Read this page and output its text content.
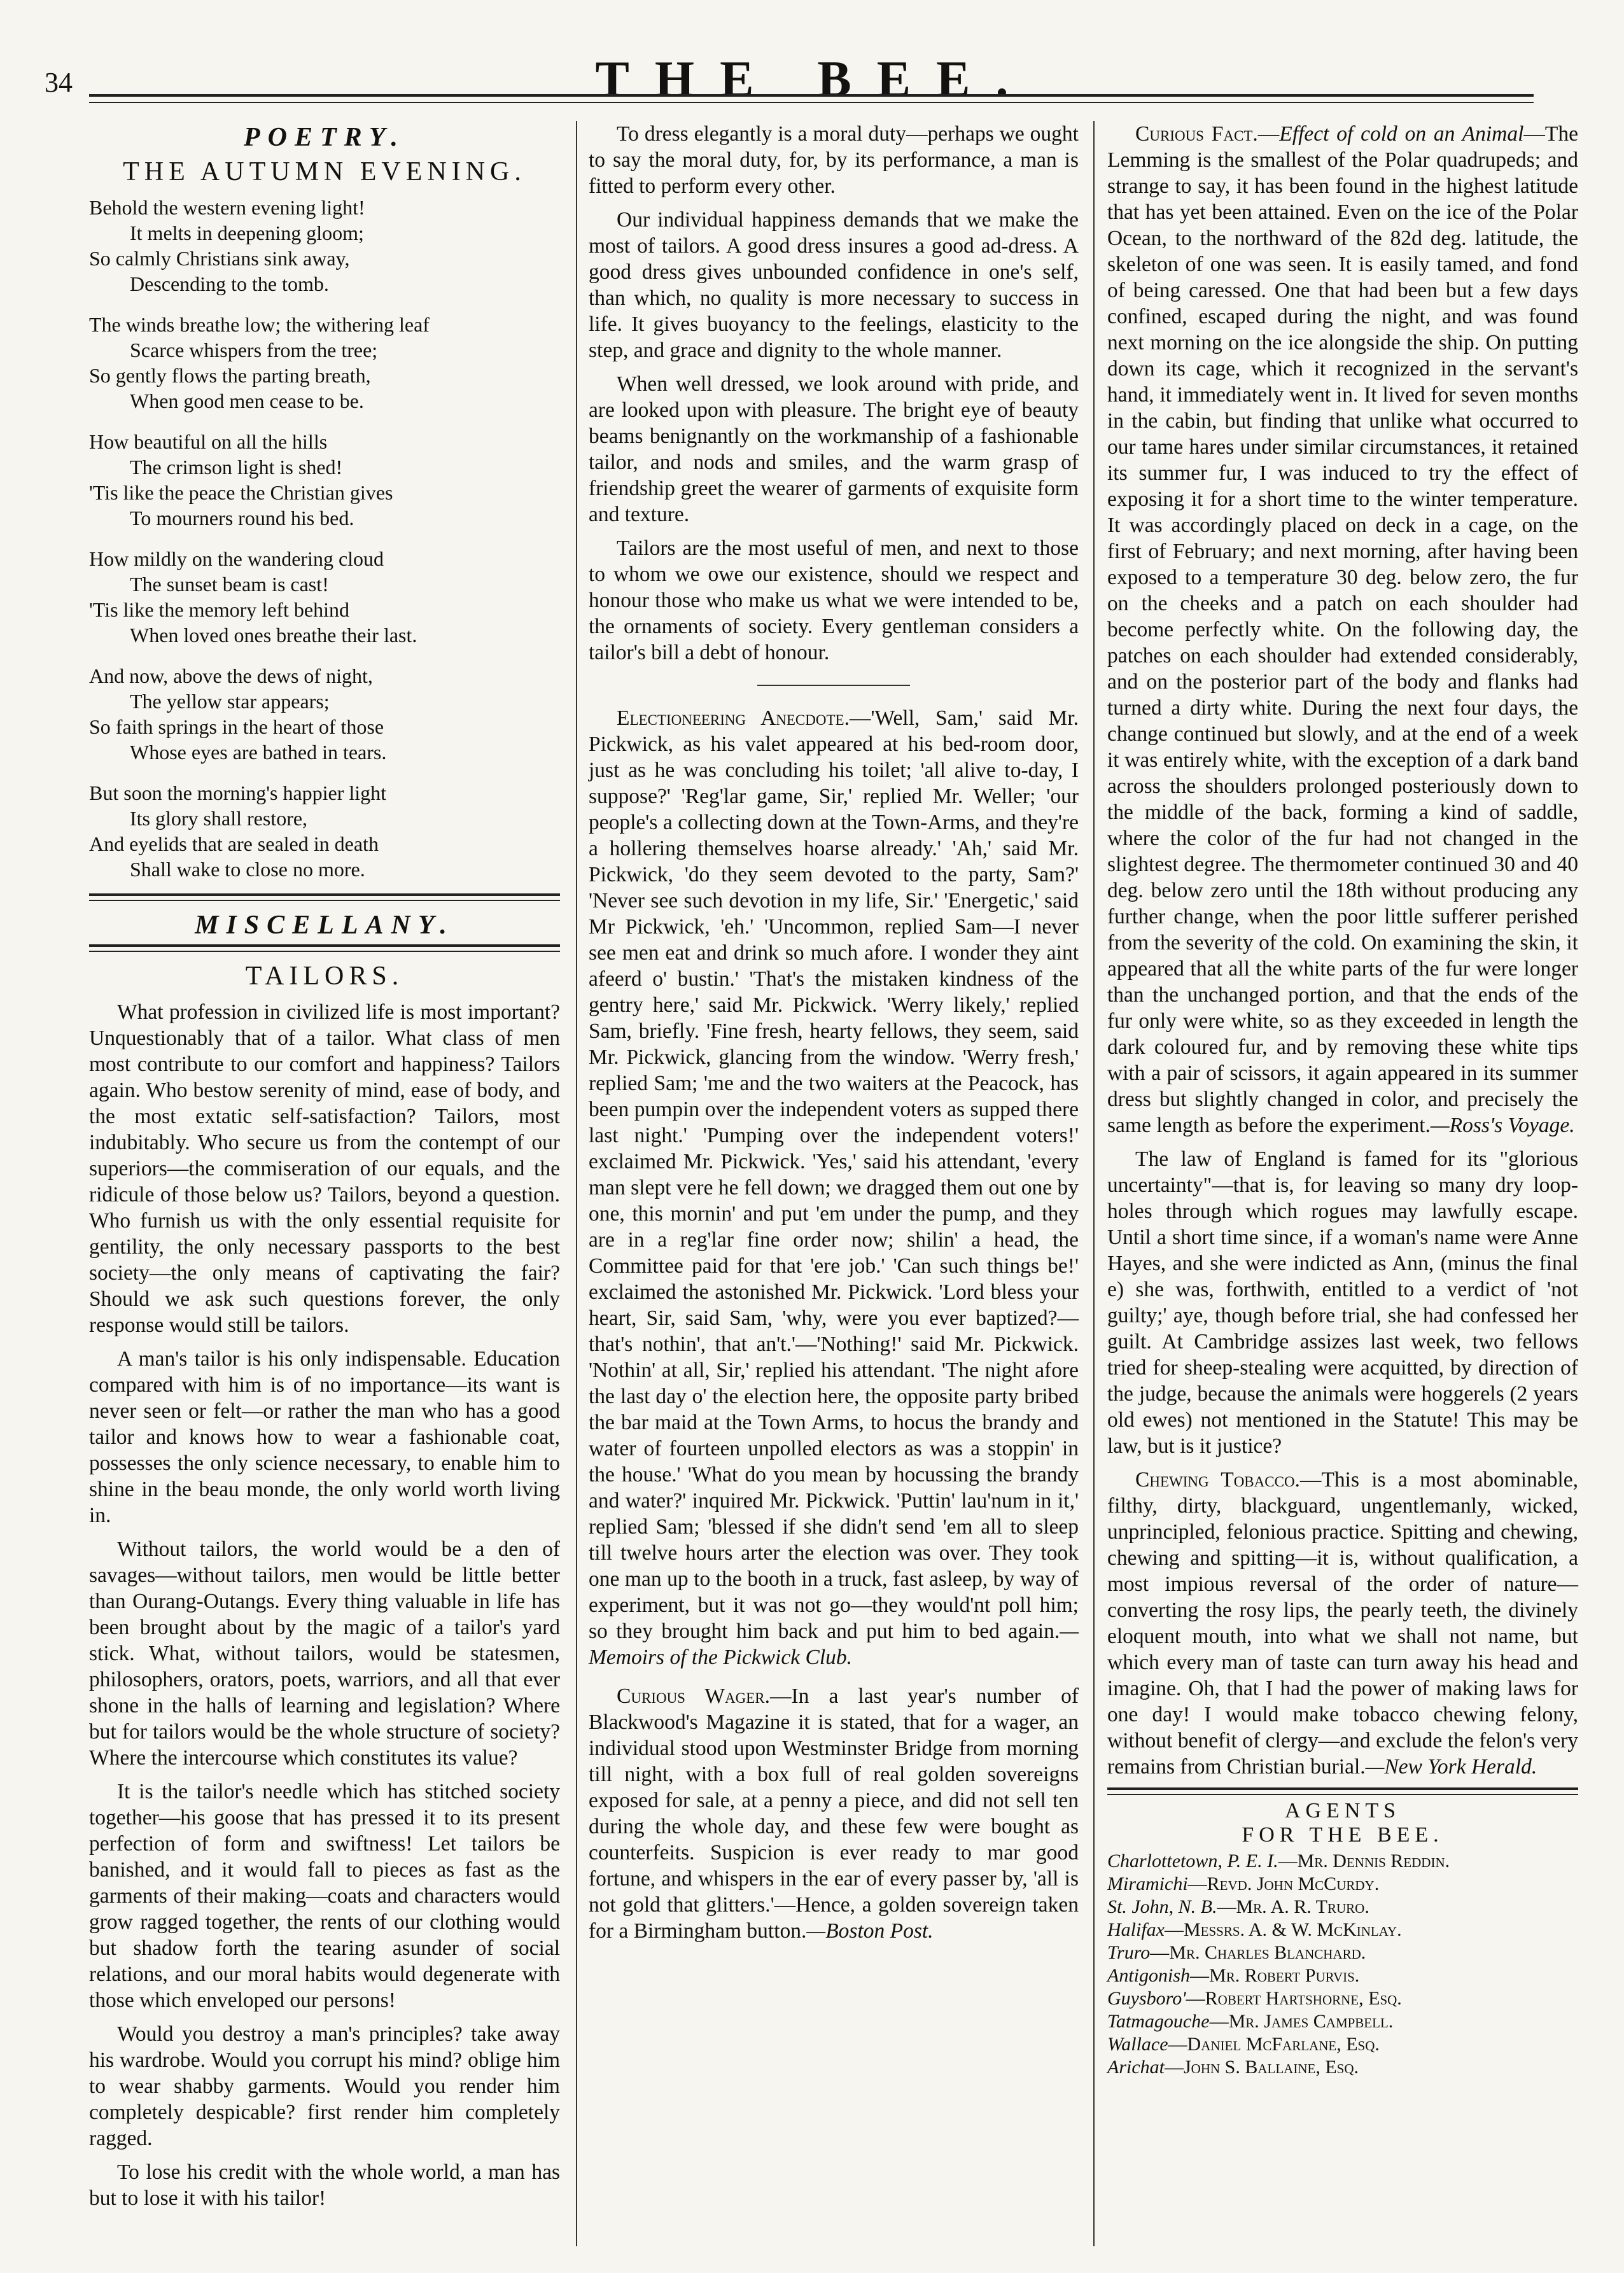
34	THE BEE.
POETRY.
THE AUTUMN EVENING.
Behold the western evening light!
It melts in deepening gloom;
So calmly Christians sink away,
Descending to the tomb.
The winds breathe low; the withering leaf
Scarce whispers from the tree;
So gently flows the parting breath,
When good men cease to be.
How beautiful on all the hills
The crimson light is shed!
'Tis like the peace the Christian gives
To mourners round his bed.
How mildly on the wandering cloud
The sunset beam is cast!
'Tis like the memory left behind
When loved ones breathe their last.
And now, above the dews of night,
The yellow star appears;
So faith springs in the heart of those
Whose eyes are bathed in tears.
But soon the morning's happier light
Its glory shall restore,
And eyelids that are sealed in death
Shall wake to close no more.
MISCELLANY.
TAILORS.

What profession in civilized life is most important? Unquestionably that of a tailor. What class of men most contribute to our comfort and happiness? Tailors again. Who bestow serenity of mind, ease of body, and the most extatic self-satisfaction? Tailors, most indubitably. Who secure us from the contempt of our superiors—the commiseration of our equals, and the ridicule of those below us? Tailors, beyond a question. Who furnish us with the only essential requisite for gentility, the only necessary passports to the best society—the only means of captivating the fair? Should we ask such questions forever, the only response would still be tailors.

A man's tailor is his only indispensable. Education compared with him is of no importance—its want is never seen or felt—or rather the man who has a good tailor and knows how to wear a fashionable coat, possesses the only science necessary, to enable him to shine in the beau monde, the only world worth living in.

Without tailors, the world would be a den of savages—without tailors, men would be little better than Ourang-Outangs. Every thing valuable in life has been brought about by the magic of a tailor's yard stick. What, without tailors, would be statesmen, philosophers, orators, poets, warriors, and all that ever shone in the halls of learning and legislation? Where but for tailors would be the whole structure of society? Where the intercourse which constitutes its value?

It is the tailor's needle which has stitched society together—his goose that has pressed it to its present perfection of form and swiftness! Let tailors be banished, and it would fall to pieces as fast as the garments of their making—coats and characters would grow ragged together, the rents of our clothing would but shadow forth the tearing asunder of social relations, and our moral habits would degenerate with those which enveloped our persons!

Would you destroy a man's principles? take away his wardrobe. Would you corrupt his mind? oblige him to wear shabby garments. Would you render him completely despicable? first render him completely ragged.

To lose his credit with the whole world, a man has but to lose it with his tailor!

To dress elegantly is a moral duty—perhaps we ought to say the moral duty, for, by its performance, a man is fitted to perform every other.

Our individual happiness demands that we make the most of tailors. A good dress insures a good ad-dress. A good dress gives unbounded confidence in one's self, than which, no quality is more necessary to success in life. It gives buoyancy to the feelings, elasticity to the step, and grace and dignity to the whole manner.

When well dressed, we look around with pride, and are looked upon with pleasure. The bright eye of beauty beams benignantly on the workmanship of a fashionable tailor, and nods and smiles, and the warm grasp of friendship greet the wearer of garments of exquisite form and texture.

Tailors are the most useful of men, and next to those to whom we owe our existence, should we respect and honour those who make us what we were intended to be, the ornaments of society. Every gentleman considers a tailor's bill a debt of honour.

Electioneering Anecdote.—'Well, Sam,' said Mr. Pickwick, as his valet appeared at his bed-room door, just as he was concluding his toilet; 'all alive to-day, I suppose?' 'Reg'lar game, Sir,' replied Mr. Weller; 'our people's a collecting down at the Town-Arms, and they're a hollering themselves hoarse already.' 'Ah,' said Mr. Pickwick, 'do they seem devoted to the party, Sam?' 'Never see such devotion in my life, Sir.' 'Energetic,' said Mr Pickwick, 'eh.' 'Uncommon, replied Sam—I never see men eat and drink so much afore. I wonder they aint afeerd o' bustin.' 'That's the mistaken kindness of the gentry here,' said Mr. Pickwick. 'Werry likely,' replied Sam, briefly. 'Fine fresh, hearty fellows, they seem, said Mr. Pickwick, glancing from the window. 'Werry fresh,' replied Sam; 'me and the two waiters at the Peacock, has been pumpin over the independent voters as supped there last night.' 'Pumping over the independent voters!' exclaimed Mr. Pickwick. 'Yes,' said his attendant, 'every man slept vere he fell down; we dragged them out one by one, this mornin' and put 'em under the pump, and they are in a reg'lar fine order now; shilin' a head, the Committee paid for that 'ere job.' 'Can such things be!' exclaimed the astonished Mr. Pickwick. 'Lord bless your heart, Sir, said Sam, 'why, were you ever baptized?—that's nothin', that an't.'—'Nothing!' said Mr. Pickwick. 'Nothin' at all, Sir,' replied his attendant. 'The night afore the last day o' the election here, the opposite party bribed the bar maid at the Town Arms, to hocus the brandy and water of fourteen unpolled electors as was a stoppin' in the house.' 'What do you mean by hocussing the brandy and water?' inquired Mr. Pickwick. 'Puttin' lau'num in it,' replied Sam; 'blessed if she didn't send 'em all to sleep till twelve hours arter the election was over. They took one man up to the booth in a truck, fast asleep, by way of experiment, but it was not go—they would'nt poll him; so they brought him back and put him to bed again.—Memoirs of the Pickwick Club.

Curious Wager.—In a last year's number of Blackwood's Magazine it is stated, that for a wager, an individual stood upon Westminster Bridge from morning till night, with a box full of real golden sovereigns exposed for sale, at a penny a piece, and did not sell ten during the whole day, and these few were bought as counterfeits. Suspicion is ever ready to mar good fortune, and whispers in the ear of every passer by, 'all is not gold that glitters.'—Hence, a golden sovereign taken for a Birmingham button.—Boston Post.

Curious Fact.—Effect of cold on an Animal—The Lemming is the smallest of the Polar quadrupeds; and strange to say, it has been found in the highest latitude that has yet been attained. Even on the ice of the Polar Ocean, to the northward of the 82d deg. latitude, the skeleton of one was seen. It is easily tamed, and fond of being caressed. One that had been but a few days confined, escaped during the night, and was found next morning on the ice alongside the ship. On putting down its cage, which it recognized in the servant's hand, it immediately went in. It lived for seven months in the cabin, but finding that unlike what occurred to our tame hares under similar circumstances, it retained its summer fur, I was induced to try the effect of exposing it for a short time to the winter temperature. It was accordingly placed on deck in a cage, on the first of February; and next morning, after having been exposed to a temperature 30 deg. below zero, the fur on the cheeks and a patch on each shoulder had become perfectly white. On the following day, the patches on each shoulder had extended considerably, and on the posterior part of the body and flanks had turned a dirty white. During the next four days, the change continued but slowly, and at the end of a week it was entirely white, with the exception of a dark band across the shoulders prolonged posteriously down to the middle of the back, forming a kind of saddle, where the color of the fur had not changed in the slightest degree. The thermometer continued 30 and 40 deg. below zero until the 18th without producing any further change, when the poor little sufferer perished from the severity of the cold. On examining the skin, it appeared that all the white parts of the fur were longer than the unchanged portion, and that the ends of the fur only were white, so as they exceeded in length the dark coloured fur, and by removing these white tips with a pair of scissors, it again appeared in its summer dress but slightly changed in color, and precisely the same length as before the experiment.—Ross's Voyage.

The law of England is famed for its "glorious uncertainty"—that is, for leaving so many dry loop-holes through which rogues may lawfully escape. Until a short time since, if a woman's name were Anne Hayes, and she were indicted as Ann, (minus the final e) she was, forthwith, entitled to a verdict of 'not guilty;' aye, though before trial, she had confessed her guilt. At Cambridge assizes last week, two fellows tried for sheep-stealing were acquitted, by direction of the judge, because the animals were hoggerels (2 years old ewes) not mentioned in the Statute! This may be law, but is it justice?

Chewing Tobacco.—This is a most abominable, filthy, dirty, blackguard, ungentlemanly, wicked, unprincipled, felonious practice. Spitting and chewing, chewing and spitting—it is, without qualification, a most impious reversal of the order of nature—converting the rosy lips, the pearly teeth, the divinely eloquent mouth, into what we shall not name, but which every man of taste can turn away his head and imagine. Oh, that I had the power of making laws for one day! I would make tobacco chewing felony, without benefit of clergy—and exclude the felon's very remains from Christian burial.—New York Herald.

AGENTS
FOR THE BEE.
Charlottetown, P. E. I.—Mr. Dennis Reddin.
Miramichi—Revd. John McCurdy.
St. John, N. B.—Mr. A. R. Truro.
Halifax—Messrs. A. & W. McKinlay.
Truro—Mr. Charles Blanchard.
Antigonish—Mr. Robert Purvis.
Guysboro'—Robert Hartshorne, Esq.
Tatmagouche—Mr. James Campbell.
Wallace—Daniel McFarlane, Esq.
Arichat—John S. Ballaine, Esq.
